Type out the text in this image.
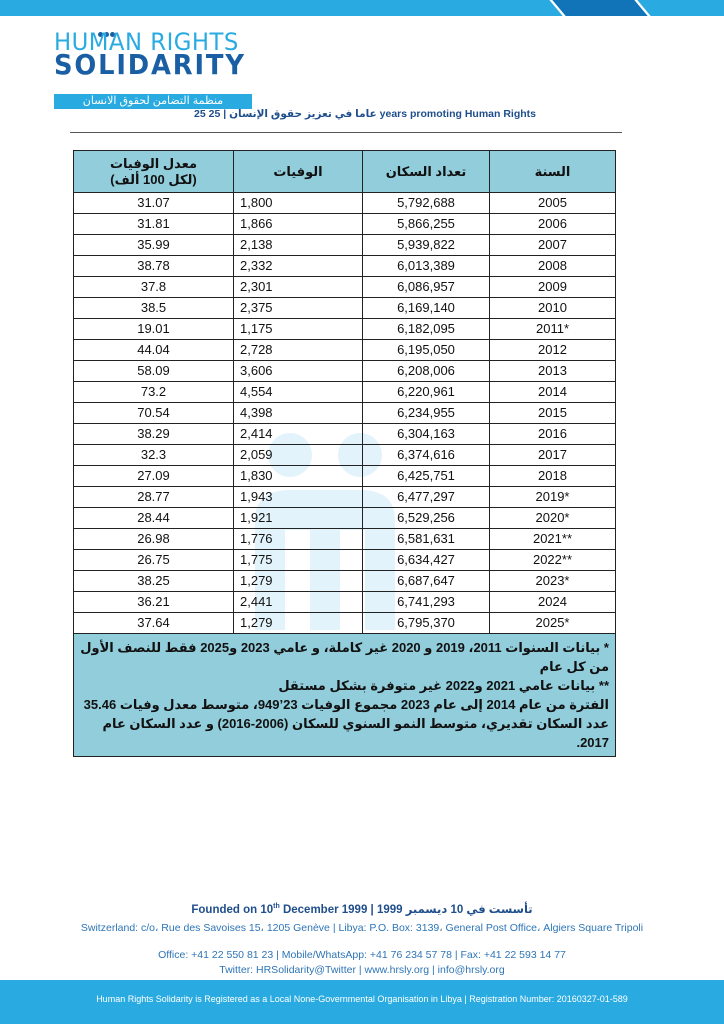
HUMAN RIGHTS
SOLIDARITY
منظمة التضامن لحقوق الانسان
25 عاما في تعزيز حقوق الإنسان | 25 years promoting Human Rights
السنة	تعداد السكان	الوفيات	معدل الوفيات
(لكل 100 ألف)

2005	5,792,688	1,800	31.07
2006	5,866,255	1,866	31.81
2007	5,939,822	2,138	35.99
2008	6,013,389	2,332	38.78
2009	6,086,957	2,301	37.8
2010	6,169,140	2,375	38.5
*2011	6,182,095	1,175	19.01
2012	6,195,050	2,728	44.04
2013	6,208,006	3,606	58.09
2014	6,220,961	4,554	73.2
2015	6,234,955	4,398	70.54
2016	6,304,163	2,414	38.29
2017	6,374,616	2,059	32.3
2018	6,425,751	1,830	27.09
*2019	6,477,297	1,943	28.77
*2020	6,529,256	1,921	28.44
**2021	6,581,631	1,776	26.98
**2022	6,634,427	1,775	26.75
*2023	6,687,647	1,279	38.25
2024	6,741,293	2,441	36.21
*2025	6,795,370	1,279	37.64

* بيانات السنوات 2011، 2019 و 2020 غير كاملة، و عامي 2023 و2025 فقط للنصف الأول من كل عام
** بيانات عامي 2021 و2022 غير متوفرة بشكل مستقل
الفترة من عام 2014 إلى عام 2023 مجموع الوفيات 23’949، متوسط معدل وفيات 35.46
عدد السكان تقديري، متوسط النمو السنوي للسكان (2006-2016) و عدد السكان عام 2017.			
Founded on 10th December 1999 | 1999 تأسست في 10 ديسمبر
Switzerland: c/o، Rue des Savoises 15، 1205 Genève | Libya: P.O. Box: 3139، General Post Office، Algiers Square Tripoli
Office: +41 22 550 81 23 | Mobile/WhatsApp: +41 76 234 57 78 | Fax: +41 22 593 14 77
Twitter: HRSolidarity@Twitter | www.hrsly.org | info@hrsly.org
Human Rights Solidarity is Registered as a Local None-Governmental Organisation in Libya | Registration Number: 20160327-01-589
